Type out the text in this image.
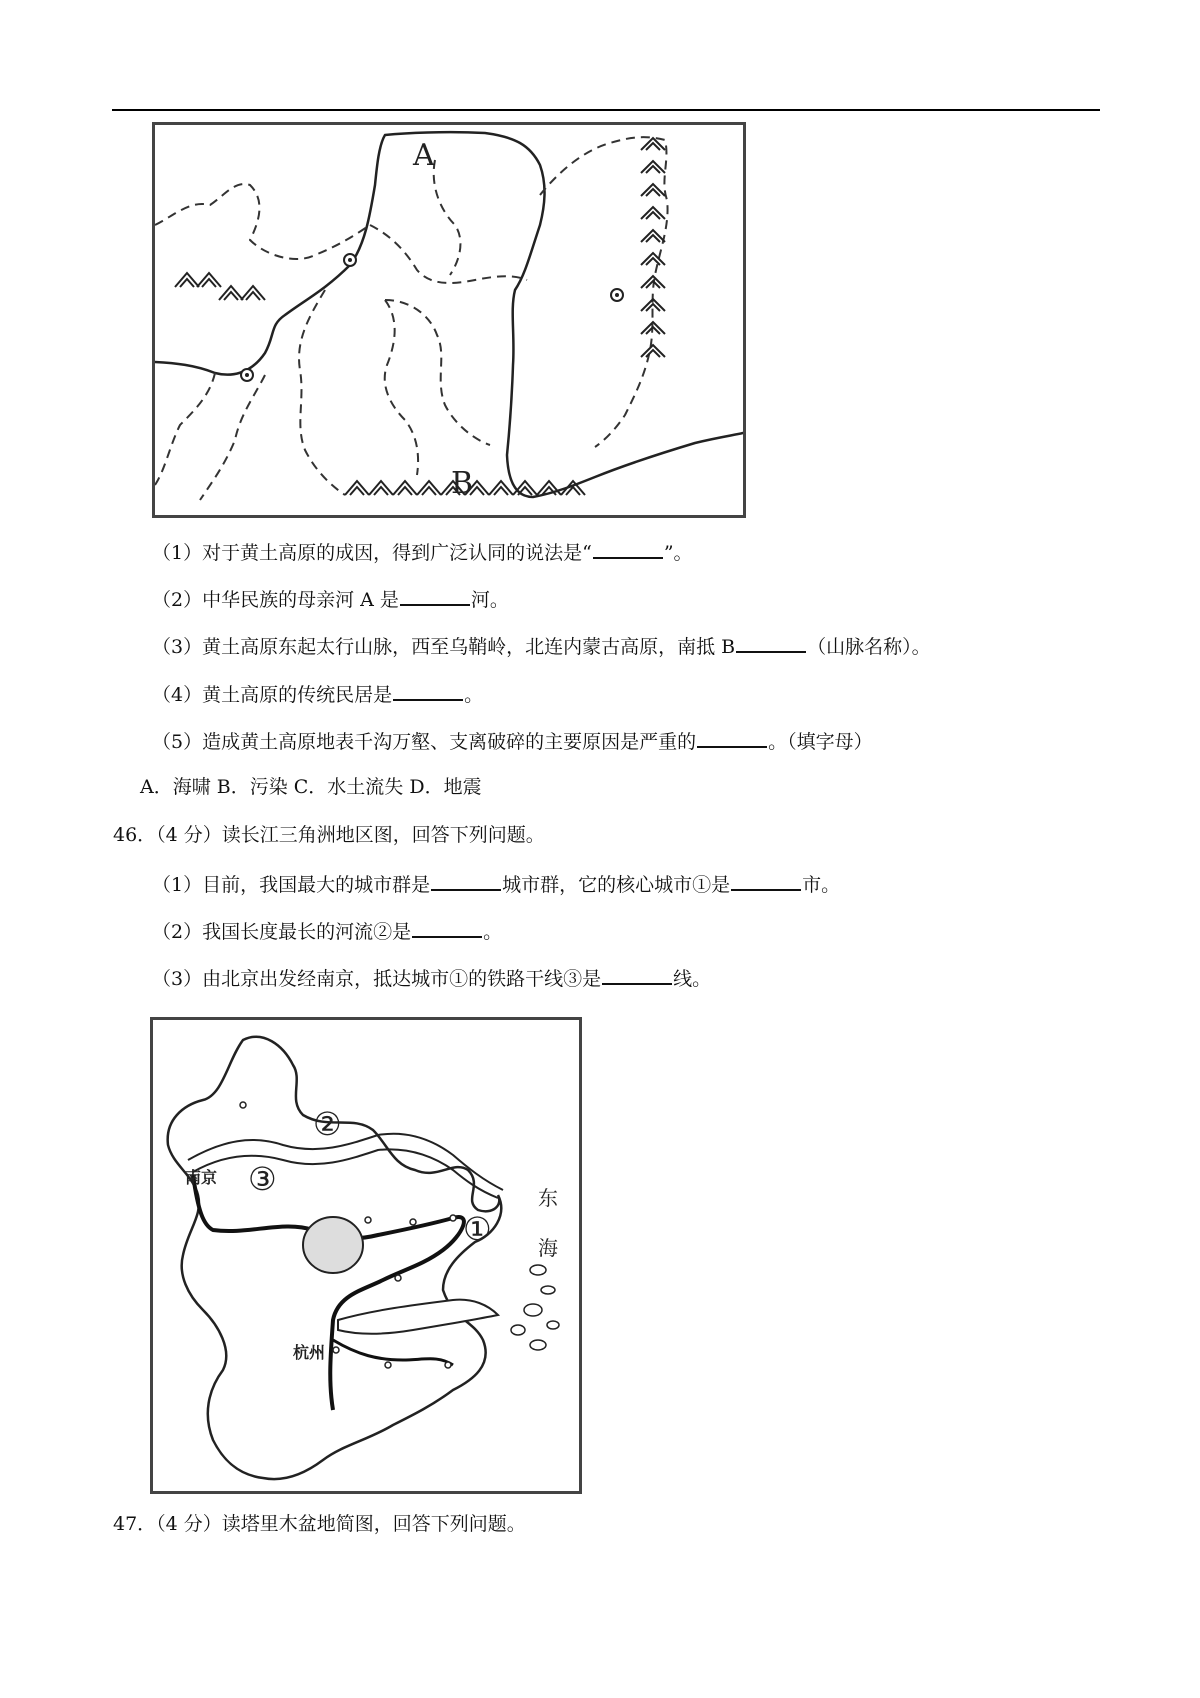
A
B
（1）对于黄土高原的成因，得到广泛认同的说法是“	”。
（2）中华民族的母亲河 A 是	河。
（3）黄土高原东起太行山脉，西至乌鞘岭，北连内蒙古高原，南抵 B	（山脉名称）。
（4）黄土高原的传统民居是	。
（5）造成黄土高原地表千沟万壑、支离破碎的主要原因是严重的	。（填字母）
A．海啸 B．污染 C．水土流失 D．地震
46．（4 分）读长江三角洲地区图，回答下列问题。
（1）目前，我国最大的城市群是	城市群，它的核心城市①是	市。
（2）我国长度最长的河流②是	。
（3）由北京出发经南京，抵达城市①的铁路干线③是	线。
南京
杭州
东
海
①
②
③
47．（4 分）读塔里木盆地简图，回答下列问题。
